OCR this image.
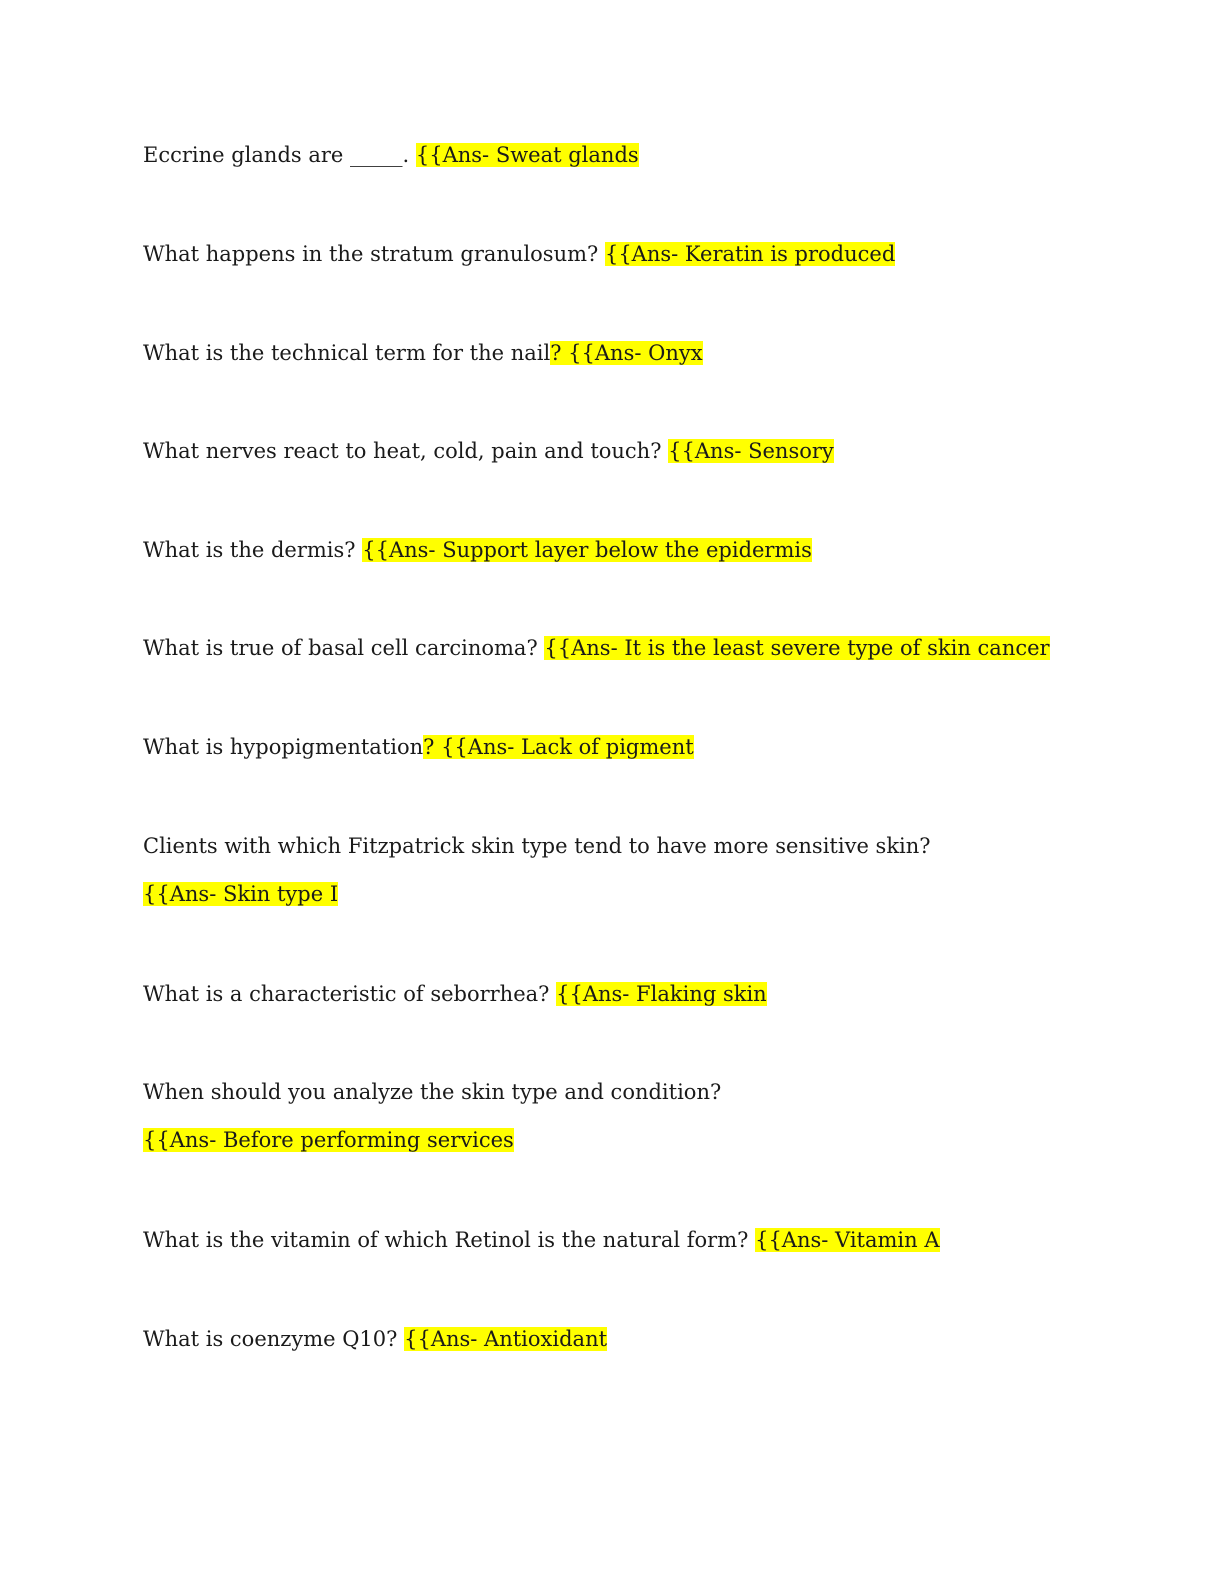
Eccrine glands are _____. {{Ans- Sweat glands
What happens in the stratum granulosum? {{Ans- Keratin is produced
What is the technical term for the nail? {{Ans- Onyx
What nerves react to heat, cold, pain and touch? {{Ans- Sensory
What is the dermis? {{Ans- Support layer below the epidermis
What is true of basal cell carcinoma? {{Ans- It is the least severe type of skin cancer
What is hypopigmentation? {{Ans- Lack of pigment
Clients with which Fitzpatrick skin type tend to have more sensitive skin?
{{Ans- Skin type I
What is a characteristic of seborrhea? {{Ans- Flaking skin
When should you analyze the skin type and condition?
{{Ans- Before performing services
What is the vitamin of which Retinol is the natural form? {{Ans- Vitamin A
What is coenzyme Q10? {{Ans- Antioxidant
